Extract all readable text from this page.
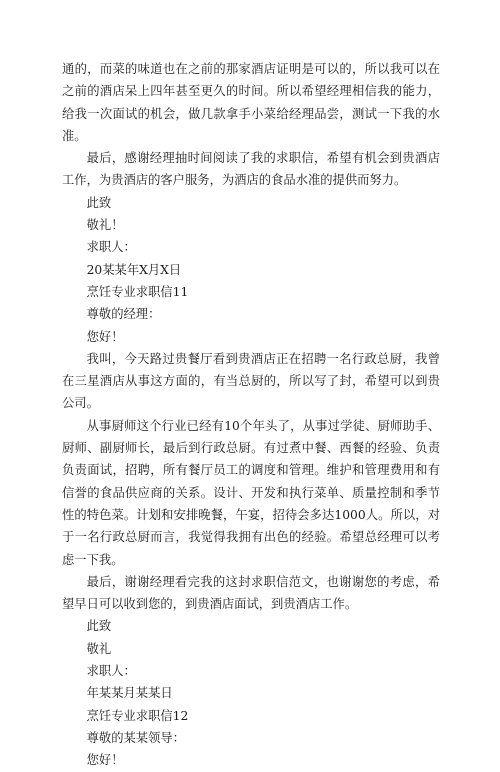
通的，而菜的味道也在之前的那家酒店证明是可以的，所以我可以在之前的酒店呆上四年甚至更久的时间。所以希望经理相信我的能力，给我一次面试的机会，做几款拿手小菜给经理品尝，测试一下我的水准。

最后，感谢经理抽时间阅读了我的求职信，希望有机会到贵酒店工作，为贵酒店的客户服务，为酒店的食品水准的提供而努力。

此致

敬礼！

求职人：

20某某年X月X日

烹饪专业求职信11

尊敬的经理：

您好！

我叫，今天路过贵餐厅看到贵酒店正在招聘一名行政总厨，我曾在三星酒店从事这方面的，有当总厨的，所以写了封，希望可以到贵公司。

从事厨师这个行业已经有10个年头了，从事过学徒、厨师助手、厨师、副厨师长，最后到行政总厨。有过煮中餐、西餐的经验、负责负责面试，招聘，所有餐厅员工的调度和管理。维护和管理费用和有信誉的食品供应商的关系。设计、开发和执行菜单、质量控制和季节性的特色菜。计划和安排晚餐，午宴，招待会多达1000人。所以，对于一名行政总厨而言，我觉得我拥有出色的经验。希望总经理可以考虑一下我。

最后，谢谢经理看完我的这封求职信范文，也谢谢您的考虑，希望早日可以收到您的，到贵酒店面试，到贵酒店工作。

此致

敬礼

求职人：

年某某月某某日

烹饪专业求职信12

尊敬的某某领导：

您好！
